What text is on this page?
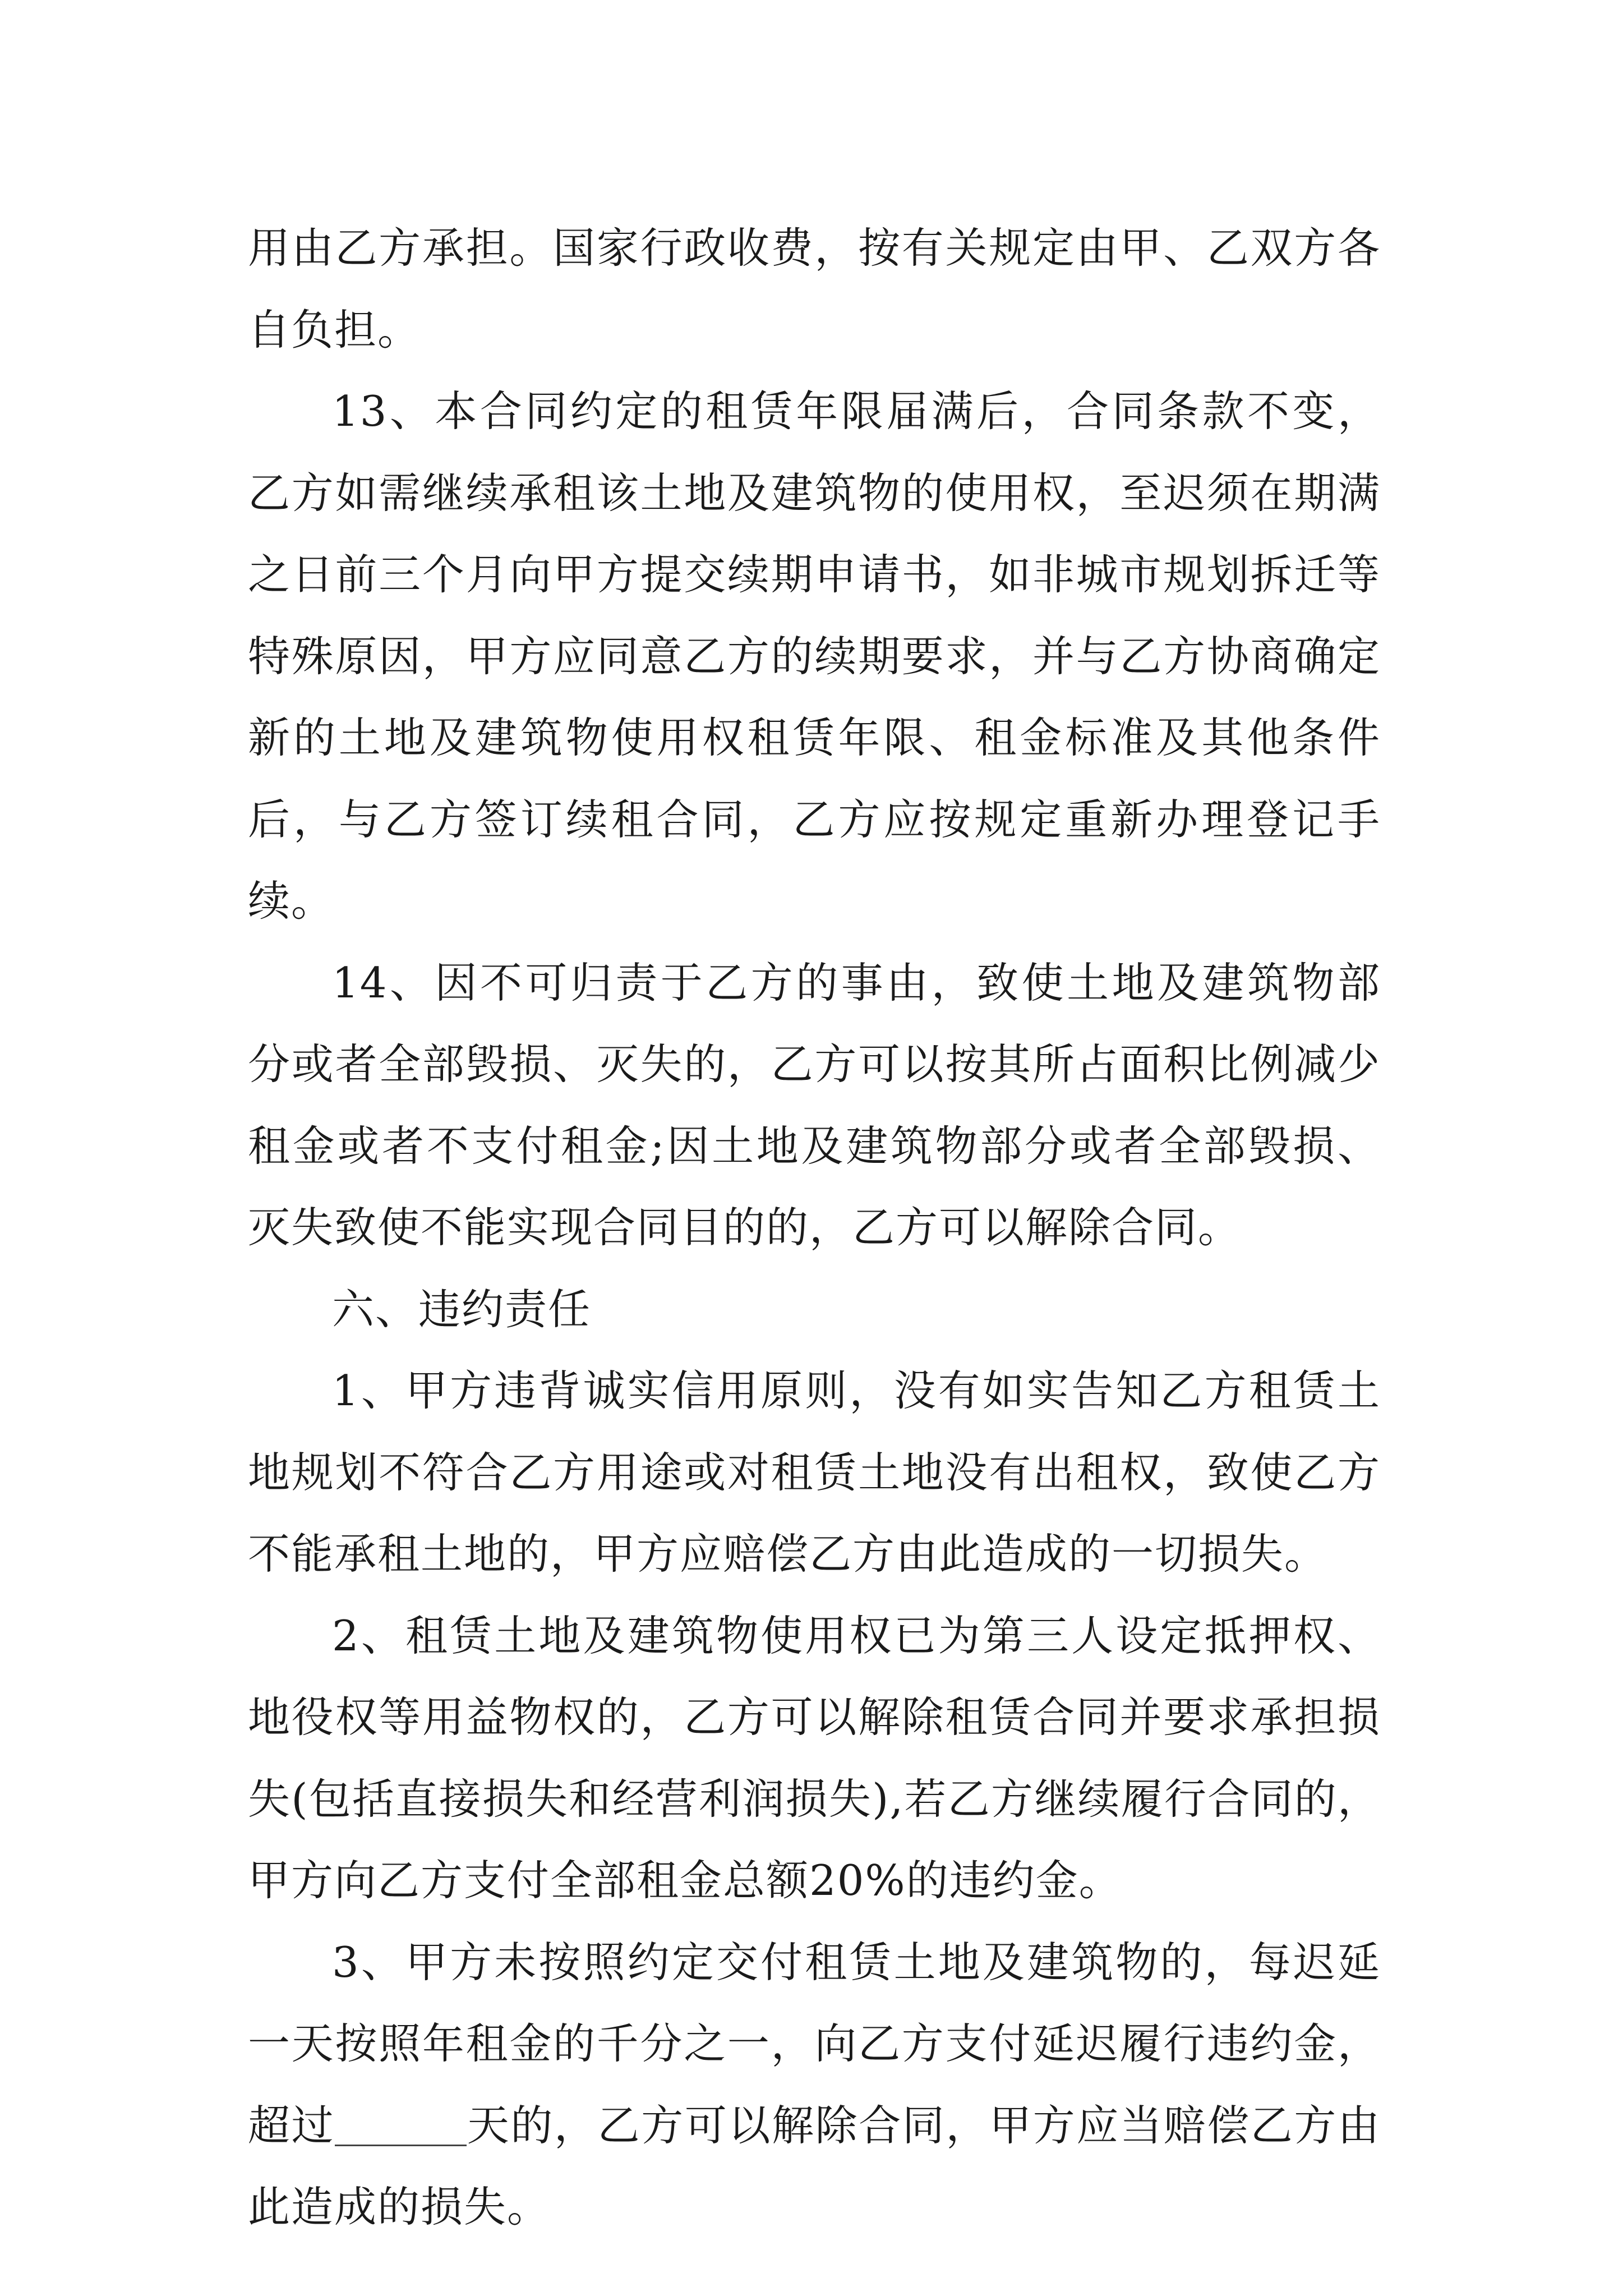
用由乙方承担。国家行政收费，按有关规定由甲、乙双方各自负担。

13、本合同约定的租赁年限届满后，合同条款不变，乙方如需继续承租该土地及建筑物的使用权，至迟须在期满之日前三个月向甲方提交续期申请书，如非城市规划拆迁等特殊原因，甲方应同意乙方的续期要求，并与乙方协商确定新的土地及建筑物使用权租赁年限、租金标准及其他条件后，与乙方签订续租合同，乙方应按规定重新办理登记手续。

14、因不可归责于乙方的事由，致使土地及建筑物部分或者全部毁损、灭失的，乙方可以按其所占面积比例减少租金或者不支付租金;因土地及建筑物部分或者全部毁损、灭失致使不能实现合同目的的，乙方可以解除合同。

六、违约责任

1、甲方违背诚实信用原则，没有如实告知乙方租赁土地规划不符合乙方用途或对租赁土地没有出租权，致使乙方不能承租土地的，甲方应赔偿乙方由此造成的一切损失。

2、租赁土地及建筑物使用权已为第三人设定抵押权、地役权等用益物权的，乙方可以解除租赁合同并要求承担损失(包括直接损失和经营利润损失),若乙方继续履行合同的，甲方向乙方支付全部租金总额20%的违约金。

3、甲方未按照约定交付租赁土地及建筑物的，每迟延一天按照年租金的千分之一，向乙方支付延迟履行违约金，超过	天的，乙方可以解除合同，甲方应当赔偿乙方由此造成的损失。
